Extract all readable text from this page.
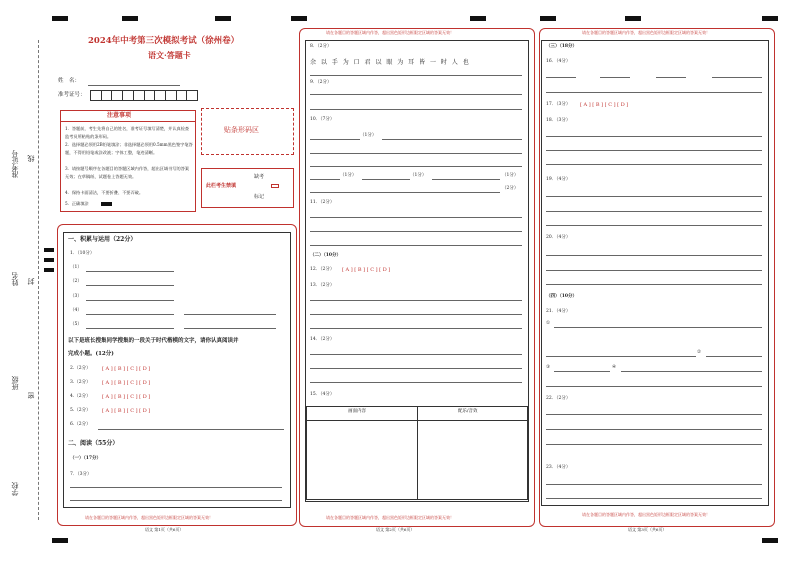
准考证号 线
姓名 封
班级
密
学校
2024年中考第三次模拟考试（徐州卷）
语文·答题卡
姓　名：
准考证号：
注意事项
1．答题前，考生先将自己的姓名，准考证号填写清楚，并认真检查监考员所粘贴的条形码。
2．选择题必须用2B铅笔填涂；非选择题必须用0.5mm黑色签字笔答题，不得用铅笔或涂改液；字体工整，笔迹清晰。
3．请按题号顺序在各题目的答题区域内作答，超出区域书写的答案无效；在草稿纸、试题卷上答题无效。
4．保持卡面清洁，不要折叠、不要弄破。
5．正确填涂
贴条形码区
此栏考生禁填
缺考
标记
一、积累与运用（22分）
1．（10分）
（1）
（2）
（3）
（4）
（5）
以下是班长搜集同学搜集的一段关于时代楷模的文字，请你认真阅读并
完成小题。(12分)
2.（2分） [ A ] [ B ] [ C ] [ D ]
3.（2分） [ A ] [ B ] [ C ] [ D ]
4.（2分） [ A ] [ B ] [ C ] [ D ]
5.（2分） [ A ] [ B ] [ C ] [ D ]
6.（2分）
二、阅读（55分）
（一）（17分）
7．（3分）
请在各题目的答题区域内作答，超出黑色矩形边框限定区域的答案无效！
语文 第1页（共6页）
请在各题目的答题区域内作答，超出黑色矩形边框限定区域的答案无效！
8．（2分）
余 以 手 为 口 君 以 眼 为 耳 皆 一 时 人 也
9．（2分）
10．（7分）
（1分）
（1分）	（1分）	（1分）
（2分）
11．（2分）
（二）（10分）
12．（2分） [ A ] [ B ] [ C ] [ D ]
13．（2分）
14．（2分）
15．（4分）
画面内容	配乐/音效
请在各题目的答题区域内作答，超出黑色矩形边框限定区域的答案无效！
语文 第2页（共6页）
请在各题目的答题区域内作答，超出黑色矩形边框限定区域的答案无效！
（三）（18分）
16．（4分）
17．（3分） [ A ] [ B ] [ C ] [ D ]
18．（3分）
19．（4分）
20．（4分）
（四）（10分）
21．（4分）
①
②
③	④
22．（2分）
23．（4分）
请在各题目的答题区域内作答，超出黑色矩形边框限定区域的答案无效！
语文 第3页（共6页）
